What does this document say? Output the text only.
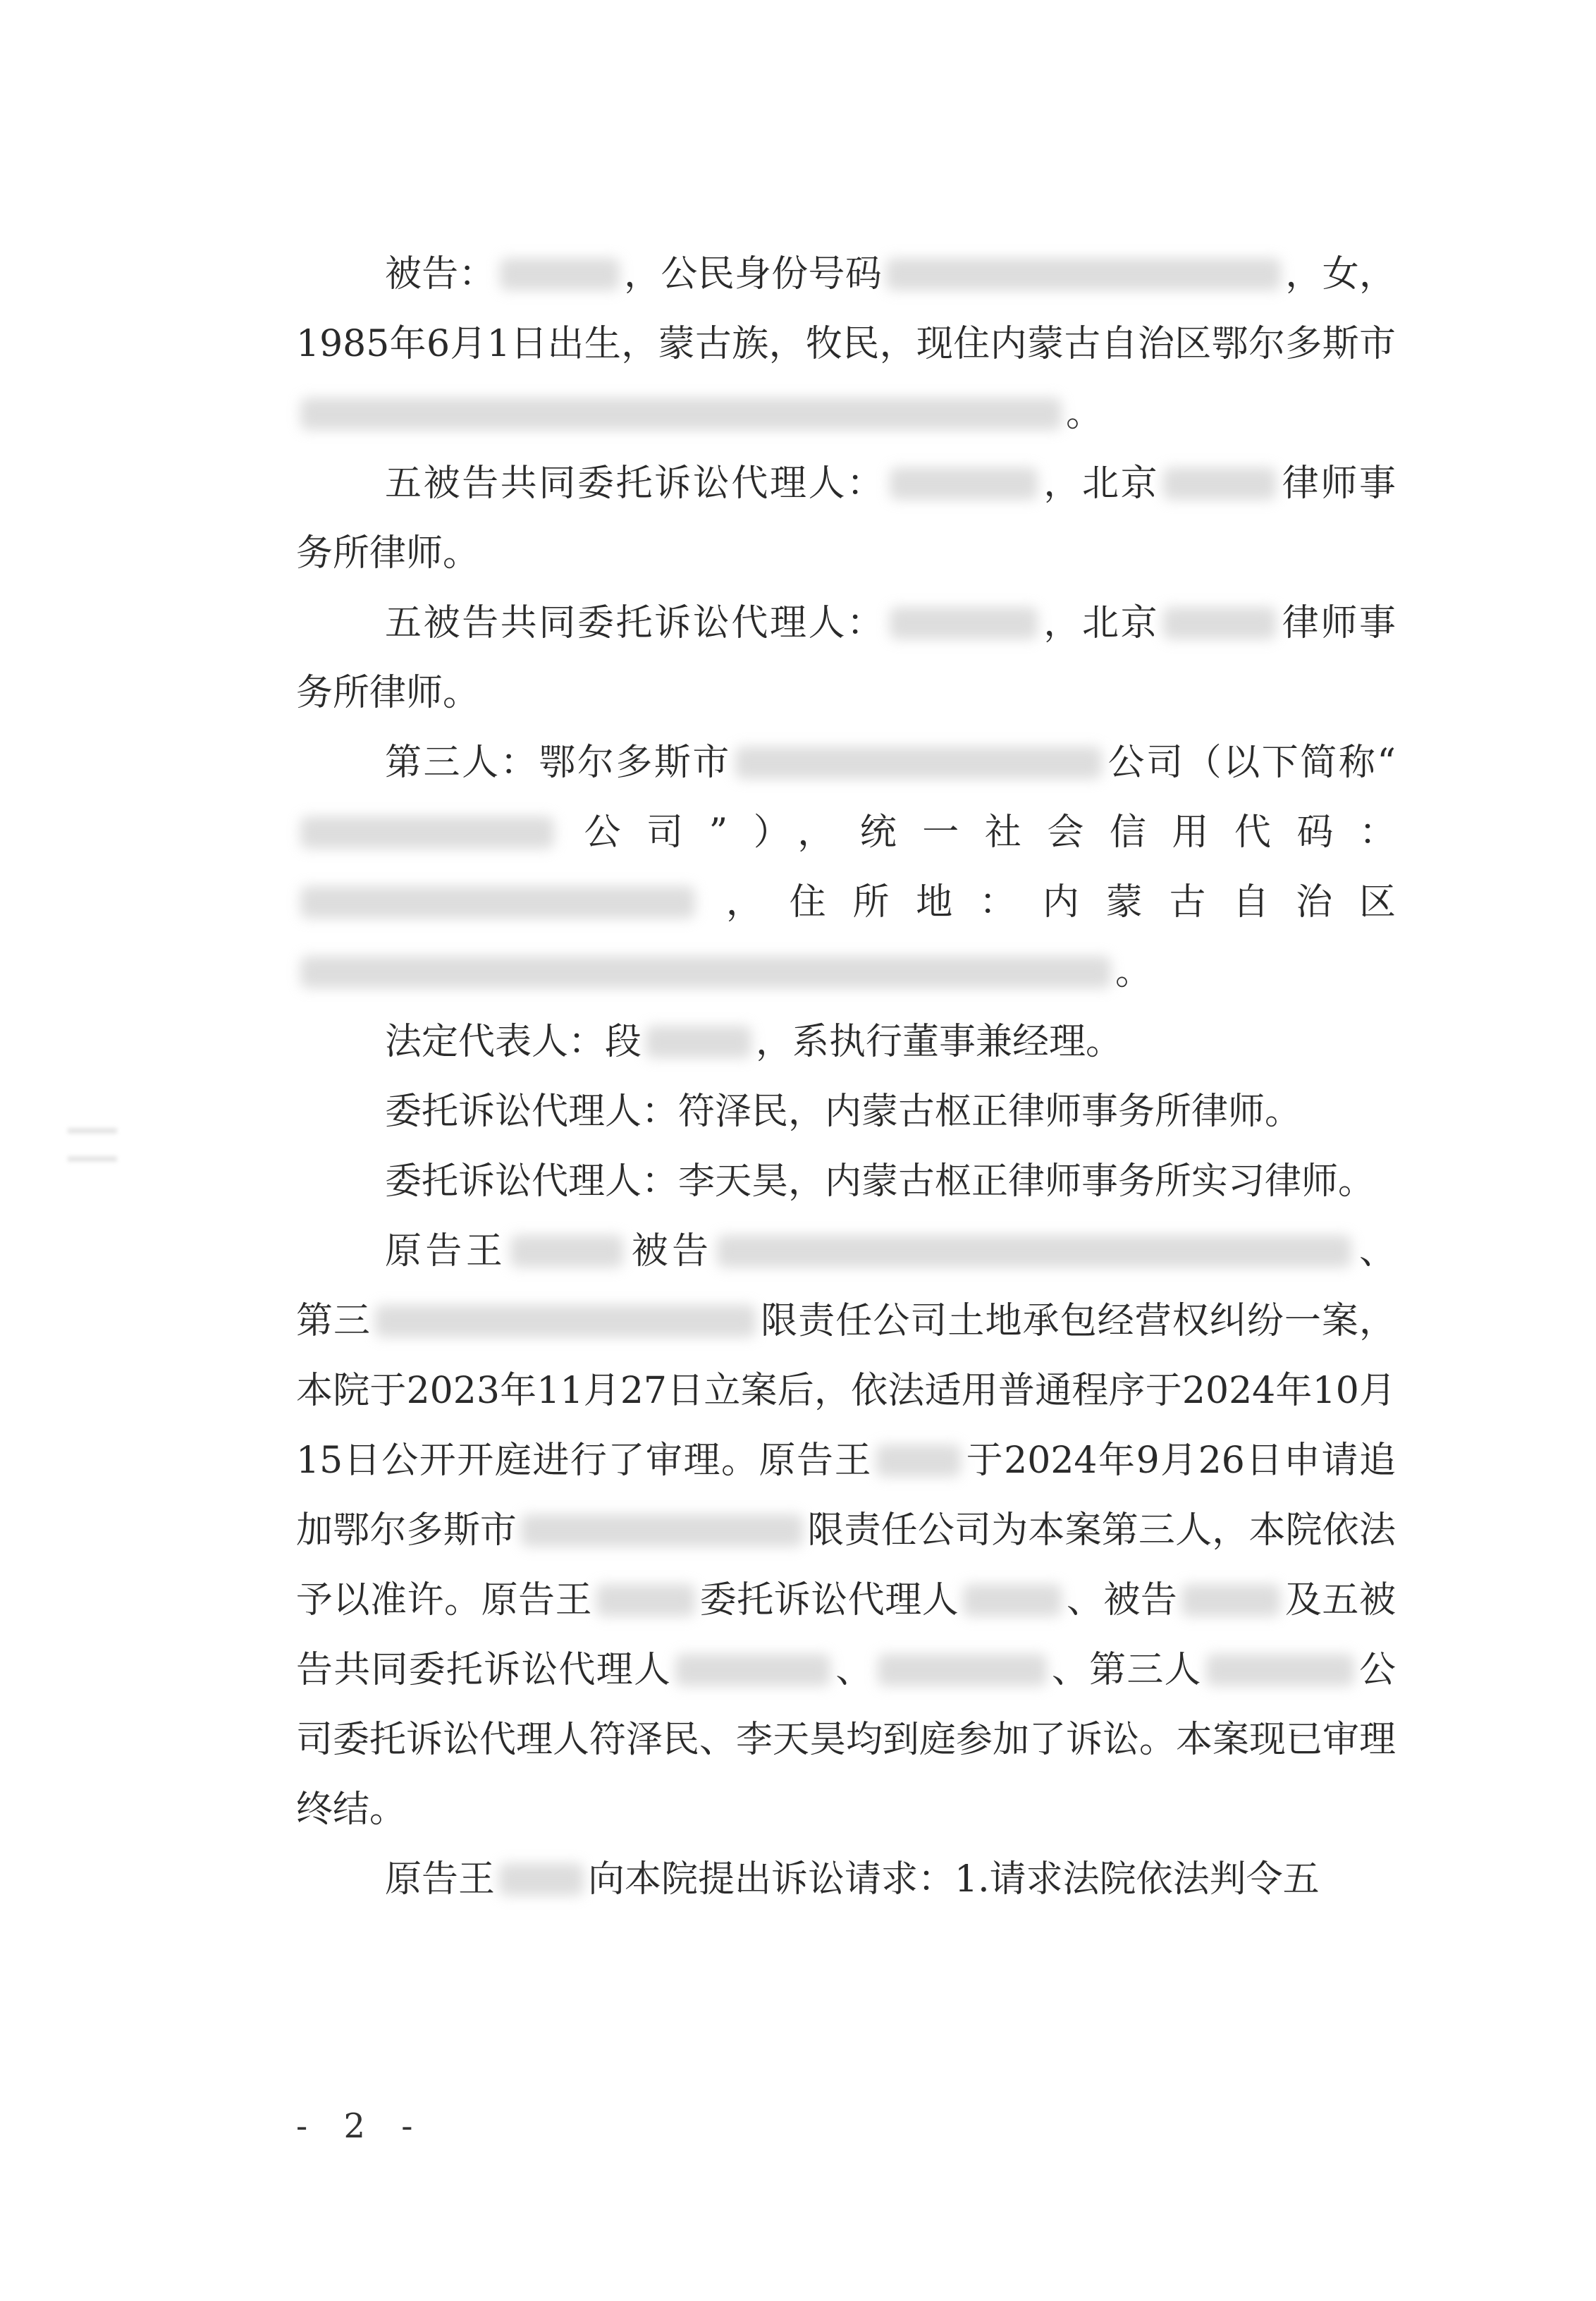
被告：	，公民身份号码	，女，1985年6月1日出生，蒙古族，牧民，现住内蒙古自治区鄂尔多斯市。

五被告共同委托诉讼代理人：	，北京	律师事务所律师。

五被告共同委托诉讼代理人：	，北京	律师事务所律师。

第三人：鄂尔多斯市	公司（以下简称“公司”），统一社会信用代码：，住所地：内蒙古自治区。

法定代表人：段	，系执行董事兼经理。

委托诉讼代理人：符泽民，内蒙古枢正律师事务所律师。

委托诉讼代理人：李天昊，内蒙古枢正律师事务所实习律师。

原告王	被告	、第三	限责任公司土地承包经营权纠纷一案，本院于2023年11月27日立案后，依法适用普通程序于2024年10月15日公开开庭进行了审理。原告王	于2024年9月26日申请追加鄂尔多斯市	限责任公司为本案第三人，本院依法予以准许。原告王	委托诉讼代理人	、被告	及五被告共同委托诉讼代理人	、	、第三人	公司委托诉讼代理人符泽民、李天昊均到庭参加了诉讼。本案现已审理终结。

原告王	向本院提出诉讼请求：1.请求法院依法判令五

- 2 -
